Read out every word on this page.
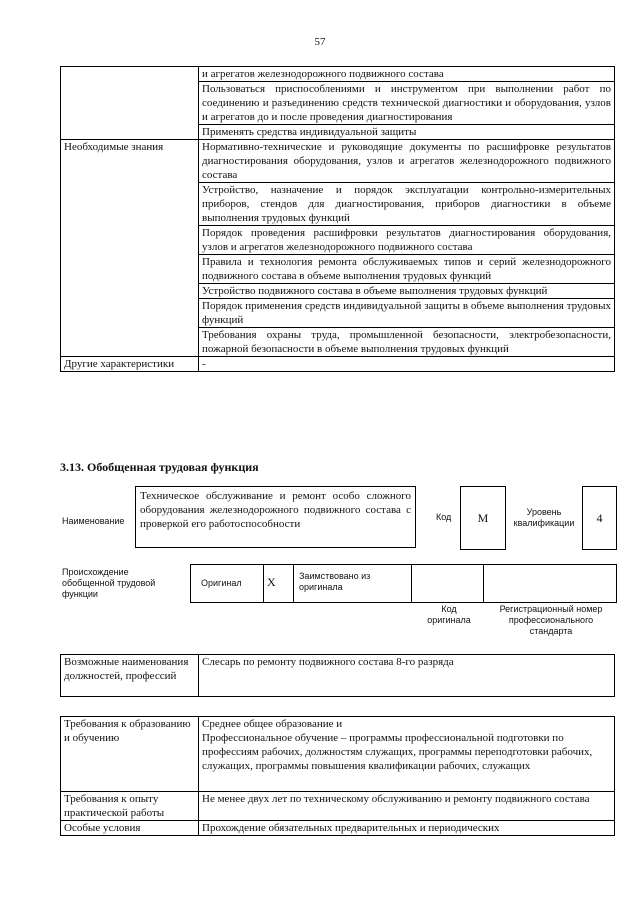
57
	и агрегатов железнодорожного подвижного состава
	Пользоваться приспособлениями и инструментом при выполнении работ по соединению и разъединению средств технической диагностики и оборудования, узлов и агрегатов до и после проведения диагностирования
	Применять средства индивидуальной защиты
Необходимые знания	Нормативно-технические и руководящие документы по расшифровке результатов диагностирования оборудования, узлов и агрегатов железнодорожного подвижного состава
	Устройство, назначение и порядок эксплуатации контрольно-измерительных приборов, стендов для диагностирования, приборов диагностики в объеме выполнения трудовых функций
	Порядок проведения расшифровки результатов диагностирования оборудования, узлов и агрегатов железнодорожного подвижного состава
	Правила и технология ремонта обслуживаемых типов и серий железнодорожного подвижного состава в объеме выполнения трудовых функций
	Устройство подвижного состава в объеме выполнения трудовых функций
	Порядок применения средств индивидуальной защиты в объеме выполнения трудовых функций
	Требования охраны труда, промышленной безопасности, электробезопасности, пожарной безопасности в объеме выполнения трудовых функций
Другие характеристики	-
3.13. Обобщенная трудовая функция
Наименование
Техническое обслуживание и ремонт особо сложного оборудования железнодорожного подвижного состава с проверкой его работоспособности
Код M	Уровень квалификации 4
Происхождение обобщенной трудовой функции
Оригинал X	Заимствовано из оригинала
Код оригинала
Регистрационный номер профессионального стандарта
Возможные наименования должностей, профессий	Слесарь по ремонту подвижного состава 8-го разряда
Требования к образованию и обучению	Среднее общее образование и
Профессиональное обучение – программы профессиональной подготовки по профессиям рабочих, должностям служащих, программы переподготовки рабочих, служащих, программы повышения квалификации рабочих, служащих
Требования к опыту практической работы	Не менее двух лет по техническому обслуживанию и ремонту подвижного состава
Особые условия	Прохождение обязательных предварительных и периодических
